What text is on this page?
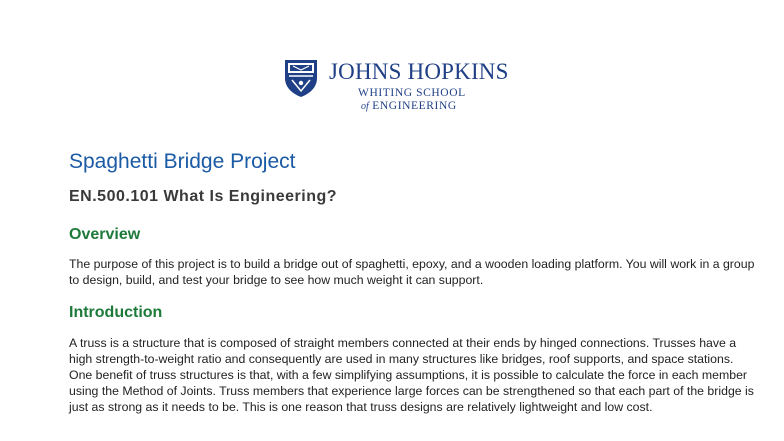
JOHNS HOPKINS
WHITING SCHOOL
of ENGINEERING
Spaghetti Bridge Project
EN.500.101 What Is Engineering?
Overview

The purpose of this project is to build a bridge out of spaghetti, epoxy, and a wooden loading platform. You will work in a group to design, build, and test your bridge to see how much weight it can support.

Introduction

A truss is a structure that is composed of straight members connected at their ends by hinged connections. Trusses have a high strength-to-weight ratio and consequently are used in many structures like bridges, roof supports, and space stations. One benefit of truss structures is that, with a few simplifying assumptions, it is possible to calculate the force in each member using the Method of Joints. Truss members that experience large forces can be strengthened so that each part of the bridge is just as strong as it needs to be. This is one reason that truss designs are relatively lightweight and low cost.
